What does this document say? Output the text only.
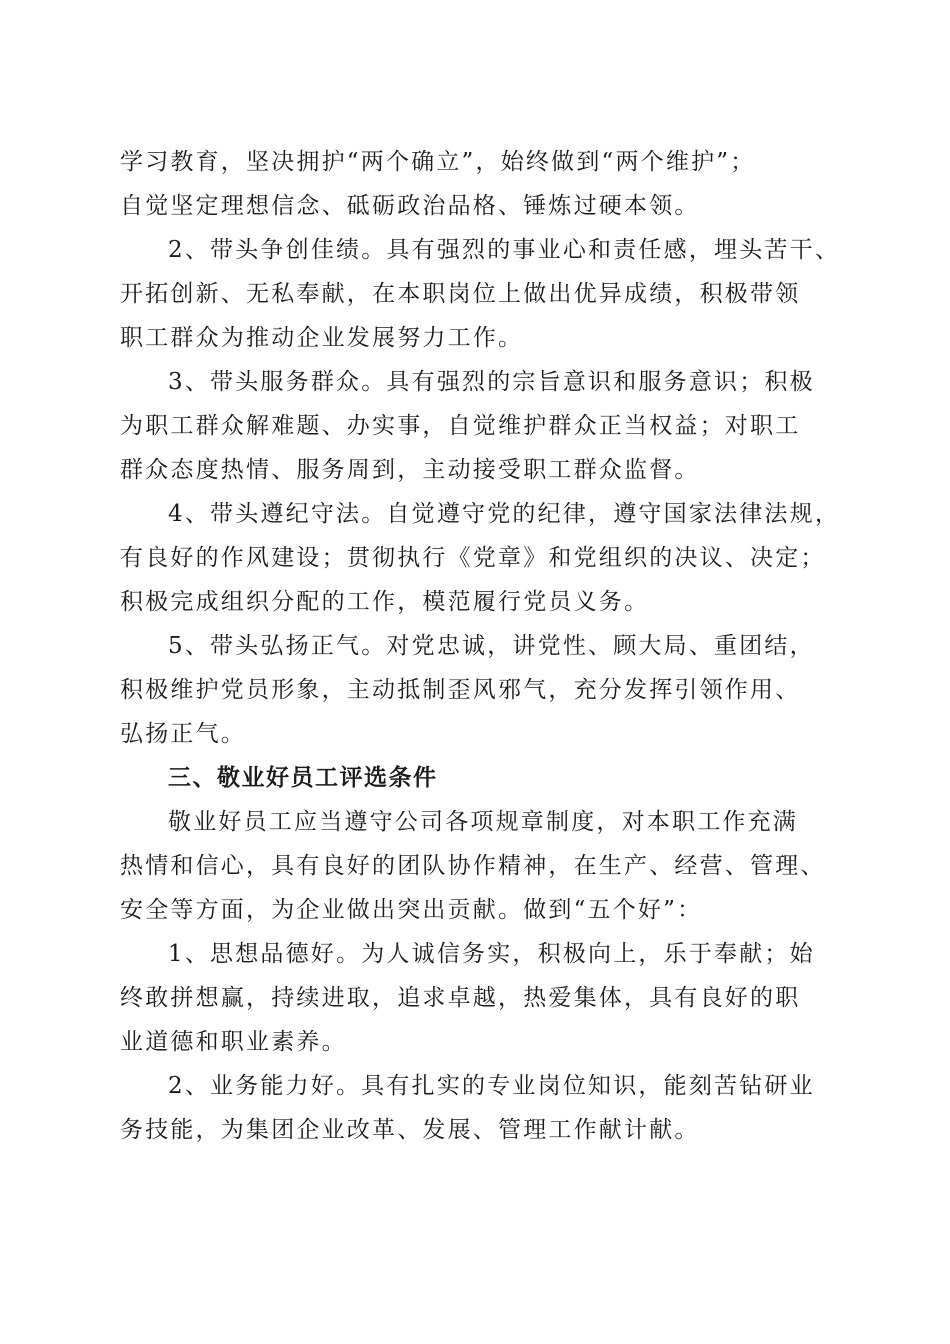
学习教育，坚决拥护“两个确立”，始终做到“两个维护”；
自觉坚定理想信念、砥砺政治品格、锤炼过硬本领。
2、带头争创佳绩。具有强烈的事业心和责任感，埋头苦干、
开拓创新、无私奉献，在本职岗位上做出优异成绩，积极带领
职工群众为推动企业发展努力工作。
3、带头服务群众。具有强烈的宗旨意识和服务意识；积极
为职工群众解难题、办实事，自觉维护群众正当权益；对职工
群众态度热情、服务周到，主动接受职工群众监督。
4、带头遵纪守法。自觉遵守党的纪律，遵守国家法律法规，
有良好的作风建设；贯彻执行《党章》和党组织的决议、决定；
积极完成组织分配的工作，模范履行党员义务。
5、带头弘扬正气。对党忠诚，讲党性、顾大局、重团结，
积极维护党员形象，主动抵制歪风邪气，充分发挥引领作用、
弘扬正气。
三、敬业好员工评选条件
敬业好员工应当遵守公司各项规章制度，对本职工作充满
热情和信心，具有良好的团队协作精神，在生产、经营、管理、
安全等方面，为企业做出突出贡献。做到“五个好”：
1、思想品德好。为人诚信务实，积极向上，乐于奉献；始
终敢拼想赢，持续进取，追求卓越，热爱集体，具有良好的职
业道德和职业素养。
2、业务能力好。具有扎实的专业岗位知识，能刻苦钻研业
务技能，为集团企业改革、发展、管理工作献计献。
